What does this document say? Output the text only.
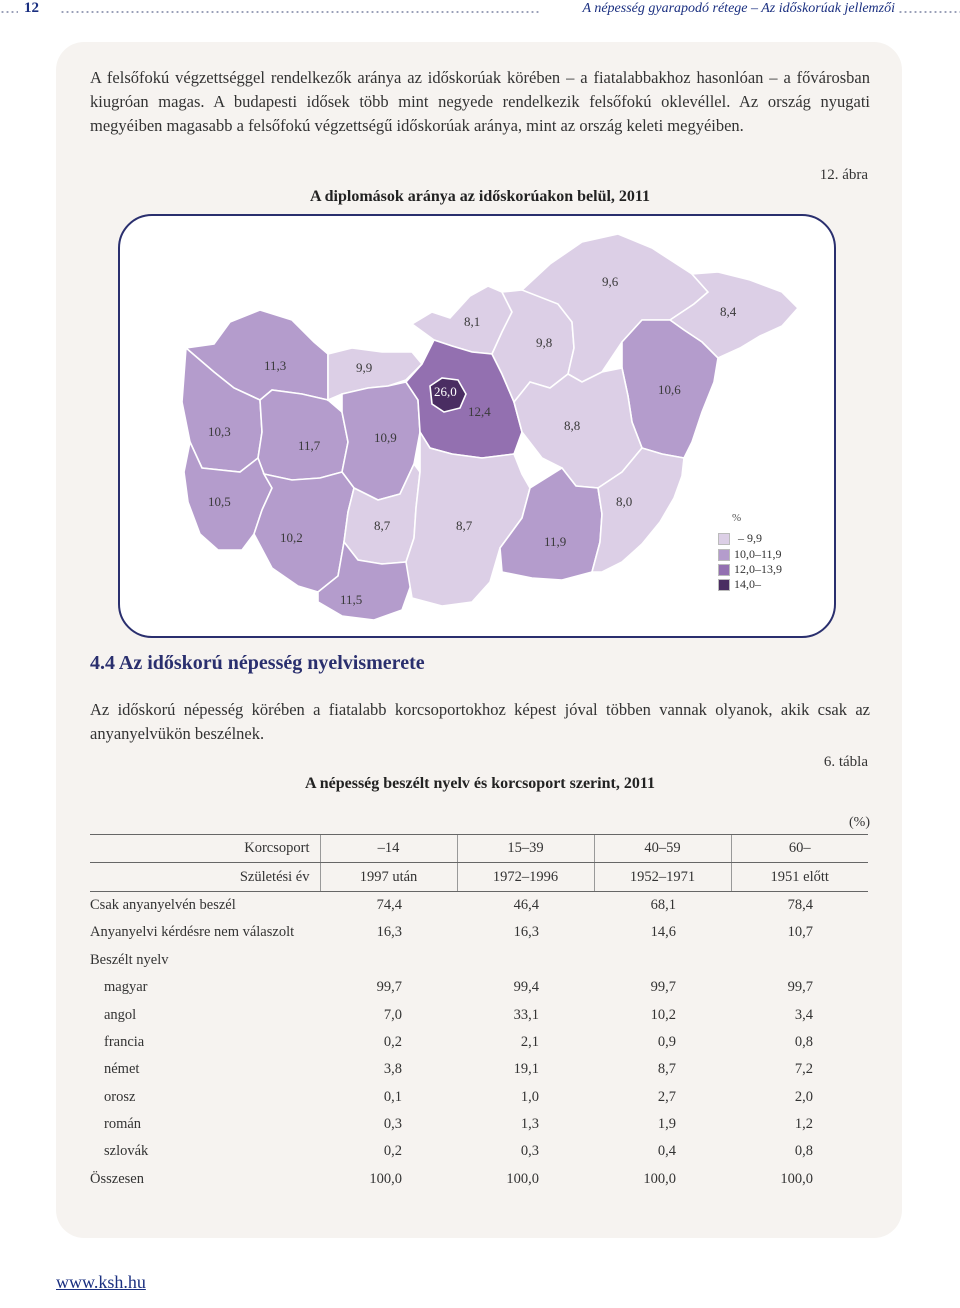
12	A népesség gyarapodó rétege – Az időskorúak jellemzői

A felsőfokú végzettséggel rendelkezők aránya az időskorúak körében – a fiatalabbakhoz hasonlóan – a fővárosban kiugróan magas. A budapesti idősek több mint negyede rendelkezik felsőfokú oklevéllel. Az ország nyugati megyéiben magasabb a felsőfokú végzettségű időskorúak aránya, mint az ország keleti megyéiben.

12. ábra
A diplomások aránya az időskorúakon belül, 2011
11,3
10,3
11,7
9,9
10,9
26,0
12,4
8,1
9,8
9,6
8,4
10,6
8,8
10,5
10,2
8,7
11,5
8,7
11,9
8,0
%
– 9,9
10,0–11,9
12,0–13,9
14,0–
4.4 Az időskorú népesség nyelvismerete

Az időskorú népesség körében a fiatalabb korcsoportokhoz képest jóval többen vannak olyanok, akik csak az anyanyelvükön beszélnek.

6. tábla
A népesség beszélt nyelv és korcsoport szerint, 2011
(%)
Korcsoport	–14	15–39	40–59	60–
Születési év	1997 után	1972–1996	1952–1971	1951 előtt
Csak anyanyelvén beszél	74,4	46,4	68,1	78,4
Anyanyelvi kérdésre nem válaszolt	16,3	16,3	14,6	10,7
Beszélt nyelv				
magyar	99,7	99,4	99,7	99,7
angol	7,0	33,1	10,2	3,4
francia	0,2	2,1	0,9	0,8
német	3,8	19,1	8,7	7,2
orosz	0,1	1,0	2,7	2,0
román	0,3	1,3	1,9	1,2
szlovák	0,2	0,3	0,4	0,8
Összesen	100,0	100,0	100,0	100,0
www.ksh.hu
